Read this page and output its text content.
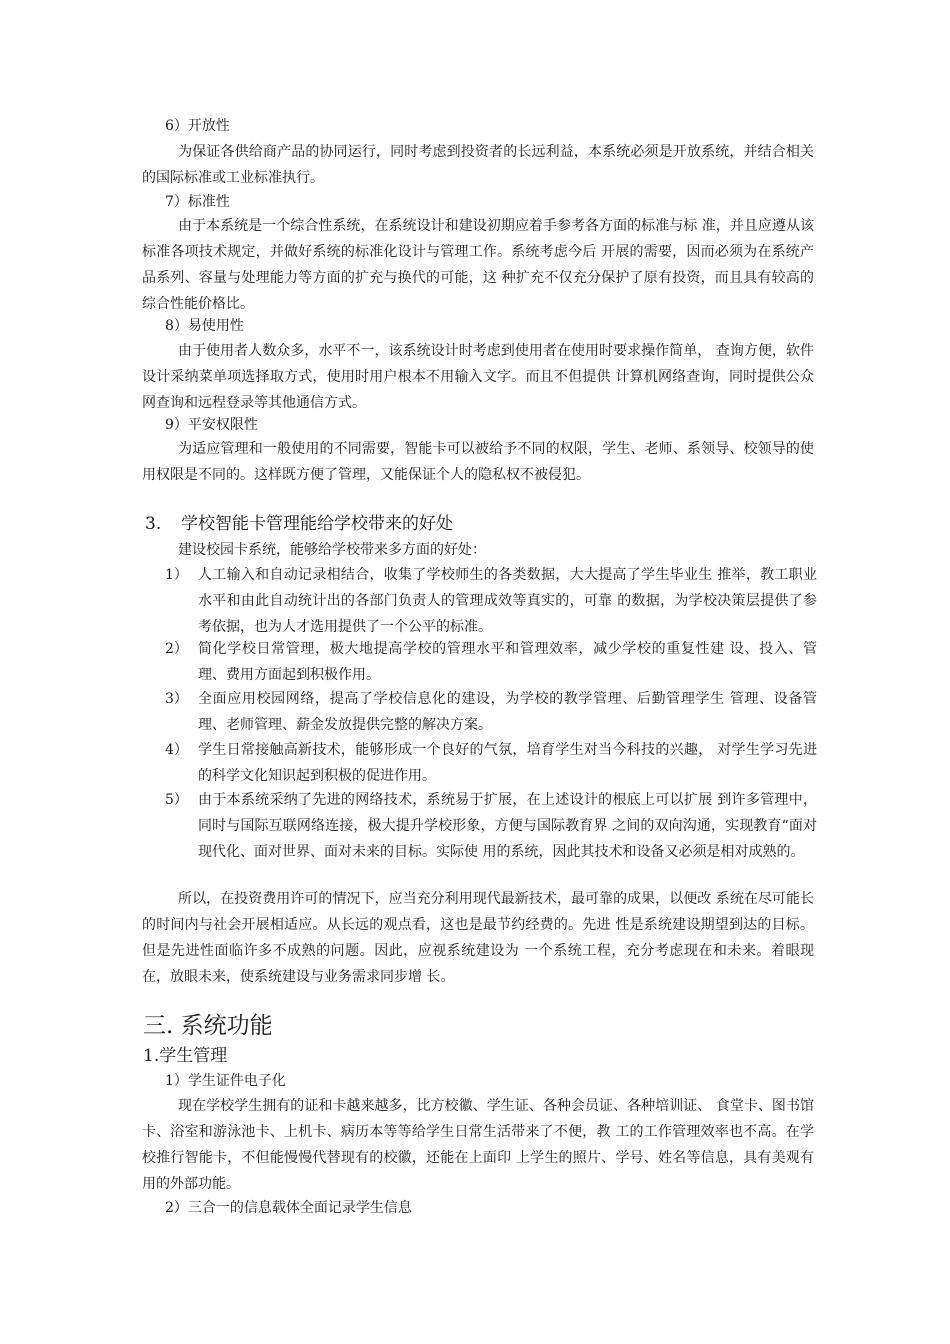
6）开放性
为保证各供给商产品的协同运行，同时考虑到投资者的长远利益，本系统必须是开放系统，并结合相关的国际标准或工业标准执行。
7）标准性
由于本系统是一个综合性系统，在系统设计和建设初期应着手参考各方面的标准与标 准，并且应遵从该标准各项技术规定，并做好系统的标准化设计与管理工作。系统考虑今后 开展的需要，因而必须为在系统产品系列、容量与处理能力等方面的扩充与换代的可能，这 种扩充不仅充分保护了原有投资，而且具有较高的综合性能价格比。
8）易使用性
由于使用者人数众多，水平不一，该系统设计时考虑到使用者在使用时要求操作简单， 查询方便，软件设计采纳菜单项选择取方式，使用时用户根本不用输入文字。而且不但提供 计算机网络查询，同时提供公众 网查询和远程登录等其他通信方式。
9）平安权限性
为适应管理和一般使用的不同需要，智能卡可以被给予不同的权限，学生、老师、系领导、校领导的使用权限是不同的。这样既方便了管理，又能保证个人的隐私权不被侵犯。
3. 学校智能卡管理能给学校带来的好处
建设校园卡系统，能够给学校带来多方面的好处：
1） 人工输入和自动记录相结合，收集了学校师生的各类数据，大大提高了学生毕业生 推举，教工职业水平和由此自动统计出的各部门负责人的管理成效等真实的，可靠 的数据，为学校决策层提供了参考依据，也为人才选用提供了一个公平的标准。
2） 简化学校日常管理，极大地提高学校的管理水平和管理效率，减少学校的重复性建 设、投入、管理、费用方面起到积极作用。
3） 全面应用校园网络，提高了学校信息化的建设，为学校的教学管理、后勤管理学生 管理、设备管理、老师管理、薪金发放提供完整的解决方案。
4） 学生日常接触高新技术，能够形成一个良好的气氛，培育学生对当今科技的兴趣， 对学生学习先进的科学文化知识起到积极的促进作用。
5） 由于本系统采纳了先进的网络技术，系统易于扩展，在上述设计的根底上可以扩展 到许多管理中，同时与国际互联网络连接，极大提升学校形象，方便与国际教育界 之间的双向沟通，实现教育“面对现代化、面对世界、面对未来的目标。实际使 用的系统，因此其技术和设备又必须是相对成熟的。
所以，在投资费用许可的情况下，应当充分利用现代最新技术，最可靠的成果，以便改 系统在尽可能长的时间内与社会开展相适应。从长远的观点看，这也是最节约经费的。先进 性是系统建设期望到达的目标。但是先进性面临许多不成熟的问题。因此，应视系统建设为 一个系统工程，充分考虑现在和未来。着眼现在，放眼未来，使系统建设与业务需求同步增 长。
三. 系统功能
1.学生管理
1）学生证件电子化
现在学校学生拥有的证和卡越来越多，比方校徽、学生证、各种会员证、各种培训证、 食堂卡、图书馆卡、浴室和游泳池卡、上机卡、病历本等等给学生日常生活带来了不便，教 工的工作管理效率也不高。在学校推行智能卡，不但能慢慢代替现有的校徽，还能在上面印 上学生的照片、学号、姓名等信息，具有美观有用的外部功能。
2）三合一的信息载体全面记录学生信息
